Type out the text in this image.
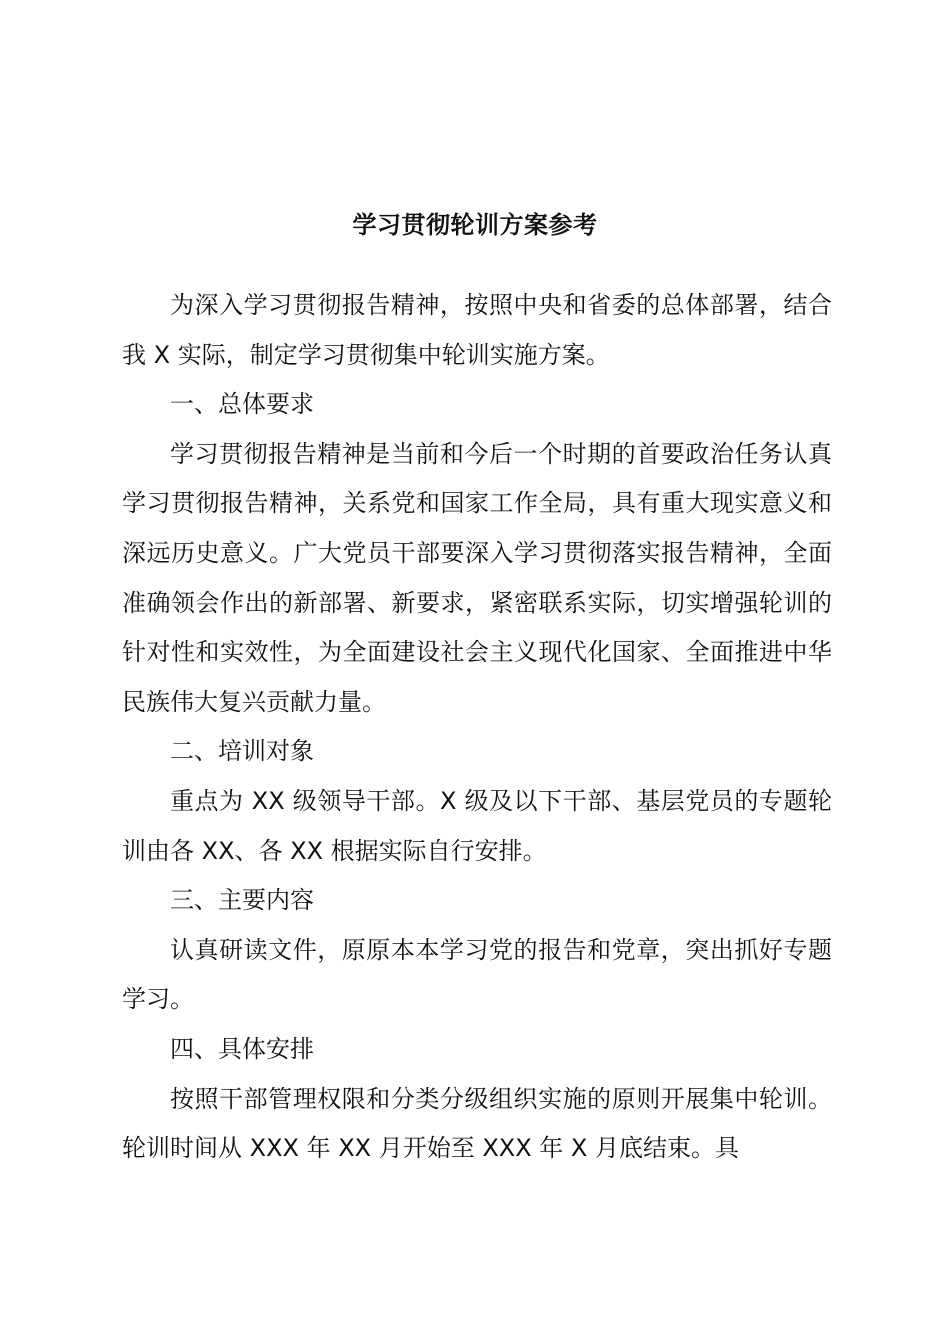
学习贯彻轮训方案参考

为深入学习贯彻报告精神，按照中央和省委的总体部署，结合我 X 实际，制定学习贯彻集中轮训实施方案。

一、总体要求

学习贯彻报告精神是当前和今后一个时期的首要政治任务认真学习贯彻报告精神，关系党和国家工作全局，具有重大现实意义和深远历史意义。广大党员干部要深入学习贯彻落实报告精神，全面准确领会作出的新部署、新要求，紧密联系实际，切实增强轮训的针对性和实效性，为全面建设社会主义现代化国家、全面推进中华民族伟大复兴贡献力量。

二、培训对象

重点为 XX 级领导干部。X 级及以下干部、基层党员的专题轮训由各 XX、各 XX 根据实际自行安排。

三、主要内容

认真研读文件，原原本本学习党的报告和党章，突出抓好专题学习。

四、具体安排

按照干部管理权限和分类分级组织实施的原则开展集中轮训。轮训时间从 XXX 年 XX 月开始至 XXX 年 X 月底结束。具
